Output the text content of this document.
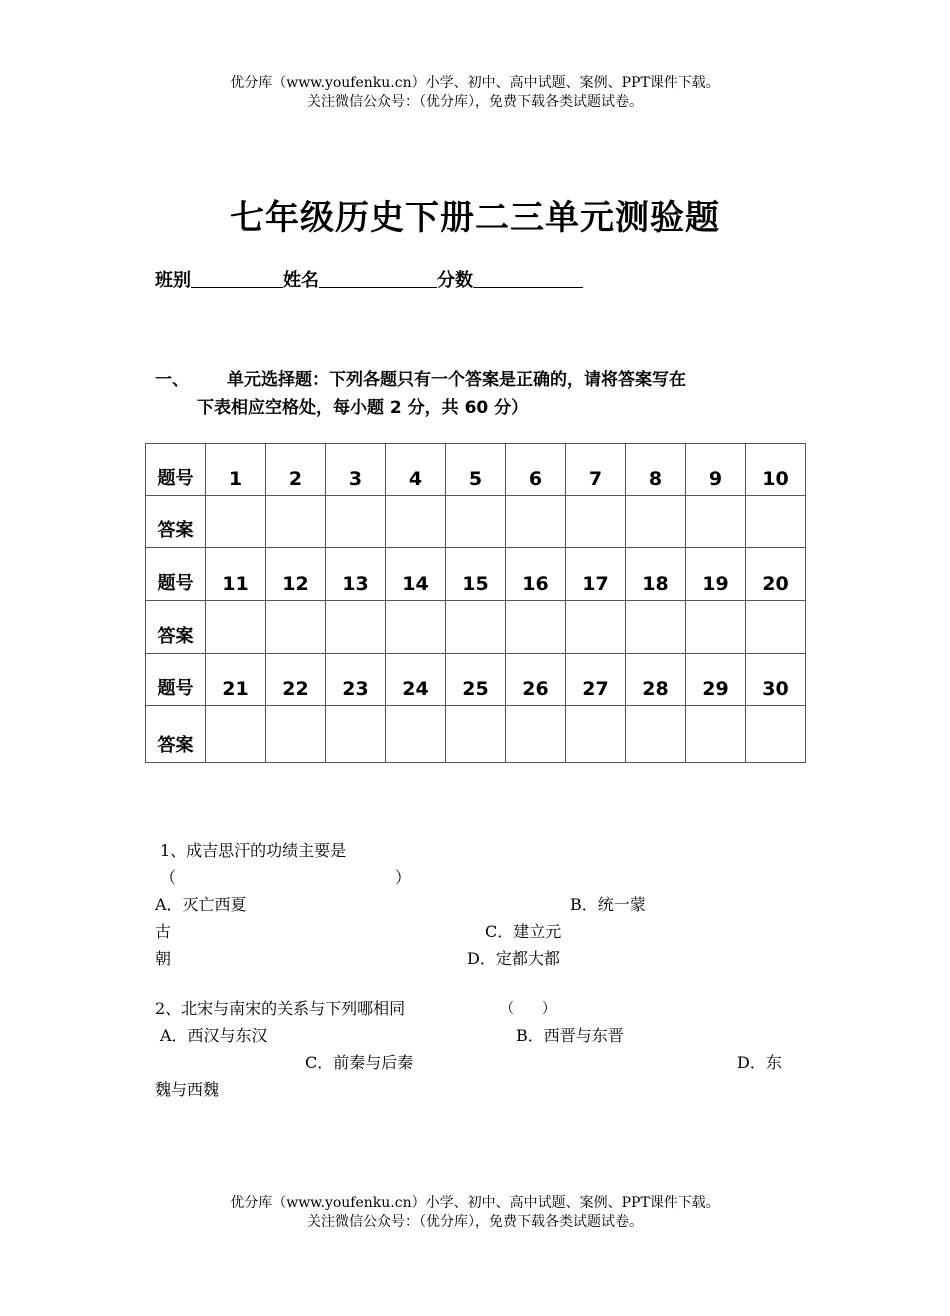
优分库（www.youfenku.cn）小学、初中、高中试题、案例、PPT课件下载。
关注微信公众号：（优分库），免费下载各类试题试卷。
七年级历史下册二三单元测验题
班别	姓名	分数
一、 单元选择题：下列各题只有一个答案是正确的，请将答案写在
下表相应空格处，每小题 2 分，共 60 分）
题号	1	2	3	4	5	6	7	8	9	10
答案										
题号	11	12	13	14	15	16	17	18	19	20
答案										
题号	21	22	23	24	25	26	27	28	29	30
答案										
1、成吉思汗的功绩主要是
（	）
A．灭亡西夏	B．统一蒙
古	C．建立元
朝	D．定都大都
2、北宋与南宋的关系与下列哪相同	（　　）
A．西汉与东汉	B．西晋与东晋
C．前秦与后秦	D．东
魏与西魏
优分库（www.youfenku.cn）小学、初中、高中试题、案例、PPT课件下载。
关注微信公众号：（优分库），免费下载各类试题试卷。
